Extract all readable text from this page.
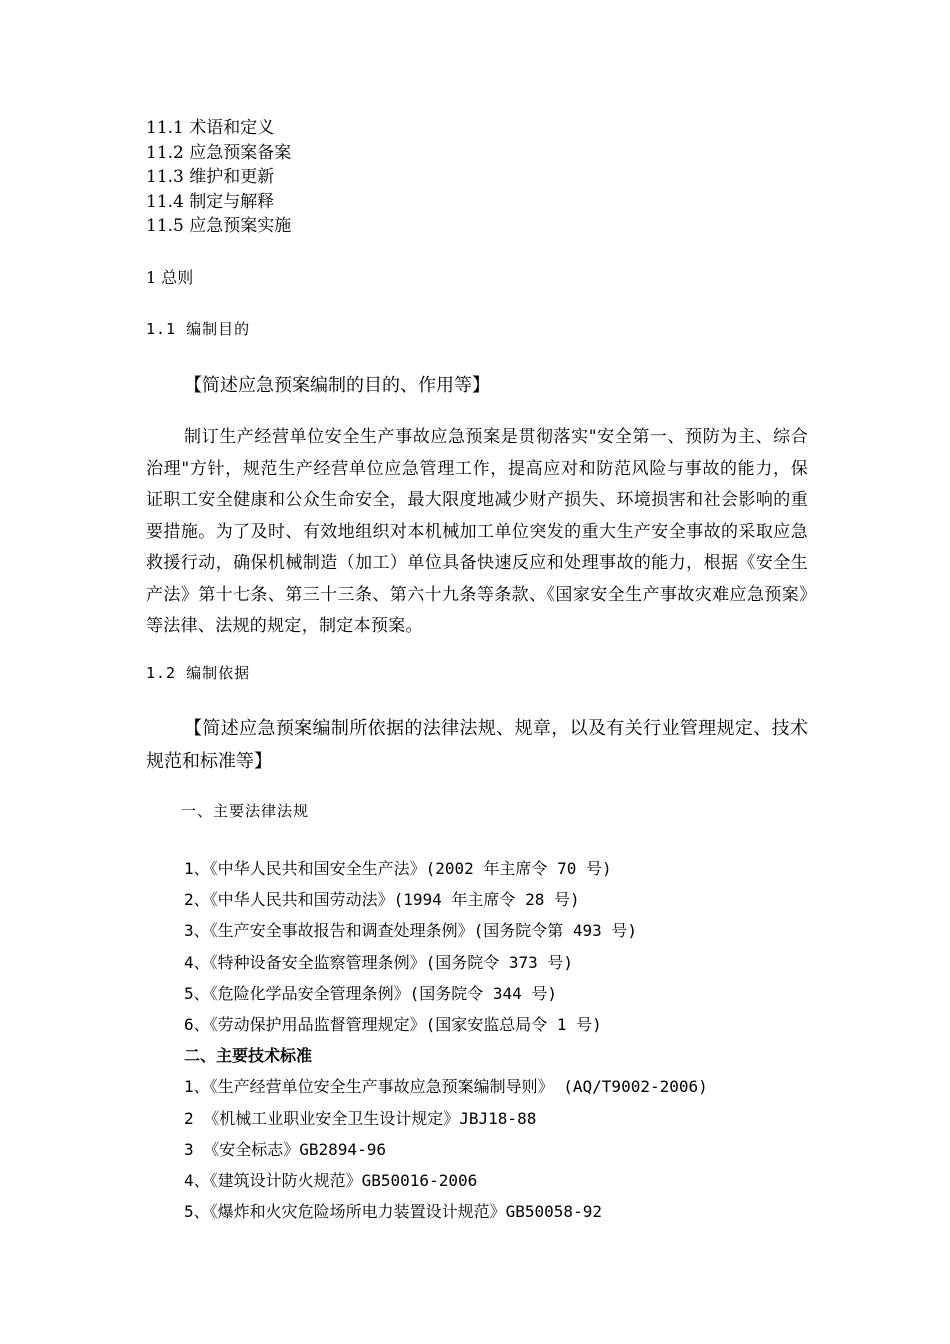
11.1 术语和定义
11.2 应急预案备案
11.3 维护和更新
11.4 制定与解释
11.5 应急预案实施
1 总则
1.1 编制目的
【简述应急预案编制的目的、作用等】
制订生产经营单位安全生产事故应急预案是贯彻落实"安全第一、预防为主、综合治理"方针，规范生产经营单位应急管理工作，提高应对和防范风险与事故的能力，保证职工安全健康和公众生命安全，最大限度地减少财产损失、环境损害和社会影响的重要措施。为了及时、有效地组织对本机械加工单位突发的重大生产安全事故的采取应急救援行动，确保机械制造（加工）单位具备快速反应和处理事故的能力，根据《安全生产法》第十七条、第三十三条、第六十九条等条款、《国家安全生产事故灾难应急预案》等法律、法规的规定，制定本预案。
1.2 编制依据
【简述应急预案编制所依据的法律法规、规章，以及有关行业管理规定、技术规范和标准等】
一、主要法律法规
1、《中华人民共和国安全生产法》(2002 年主席令 70 号)
2、《中华人民共和国劳动法》(1994 年主席令 28 号)
3、《生产安全事故报告和调查处理条例》(国务院令第 493 号)
4、《特种设备安全监察管理条例》(国务院令 373 号)
5、《危险化学品安全管理条例》(国务院令 344 号)
6、《劳动保护用品监督管理规定》(国家安监总局令 1 号)
二、主要技术标准
1、《生产经营单位安全生产事故应急预案编制导则》 (AQ/T9002-2006)
2 《机械工业职业安全卫生设计规定》JBJ18-88
3 《安全标志》GB2894-96
4、《建筑设计防火规范》GB50016-2006
5、《爆炸和火灾危险场所电力装置设计规范》GB50058-92
